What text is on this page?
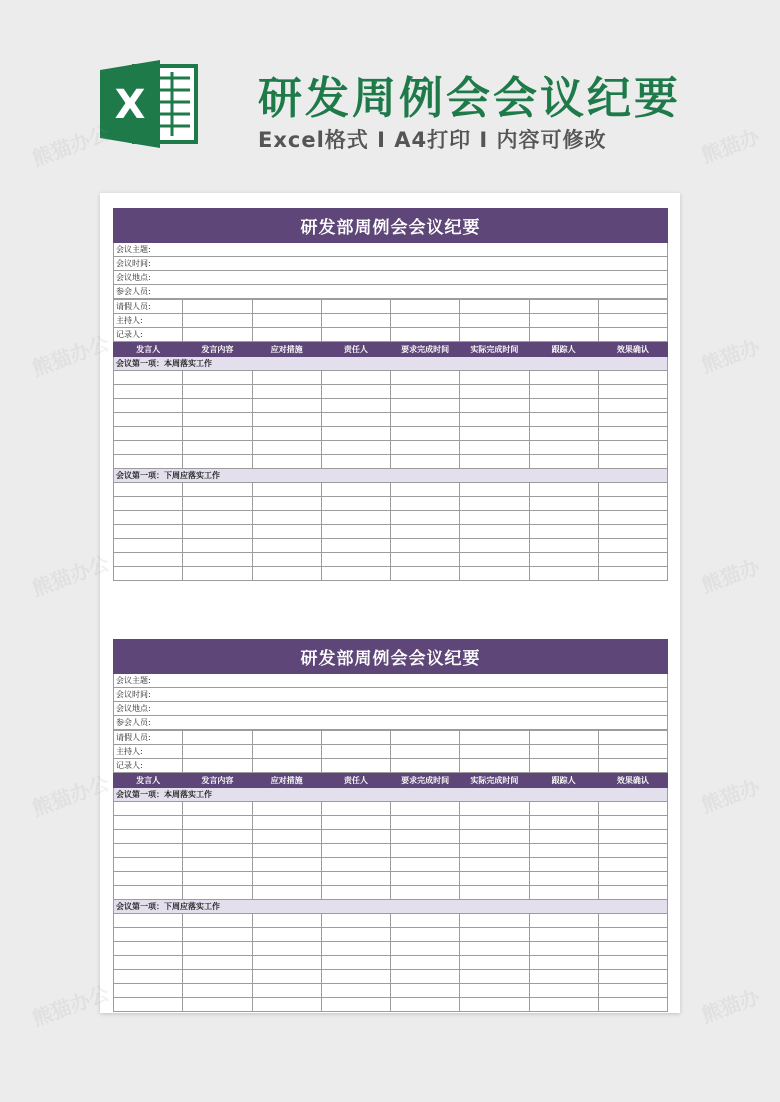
X	研发周例会会议纪要
Excel格式 I A4打印 I 内容可修改
研发部周例会会议纪要
会议主题:
会议时间:
会议地点:
参会人员:
请假人员:							
主持人:							
记录人:							
发言人	发言内容	应对措施	责任人	要求完成时间	实际完成时间	跟踪人	效果确认
会议第一项：本周落实工作							

会议第一项：下周应落实工作							

研发部周例会会议纪要
会议主题:
会议时间:
会议地点:
参会人员:
请假人员:							
主持人:							
记录人:							
发言人	发言内容	应对措施	责任人	要求完成时间	实际完成时间	跟踪人	效果确认
会议第一项：本周落实工作							

会议第一项：下周应落实工作							

熊猫办公	熊猫办
熊猫办公	熊猫办
熊猫办公	熊猫办
熊猫办公	熊猫办
熊猫办公	熊猫办
